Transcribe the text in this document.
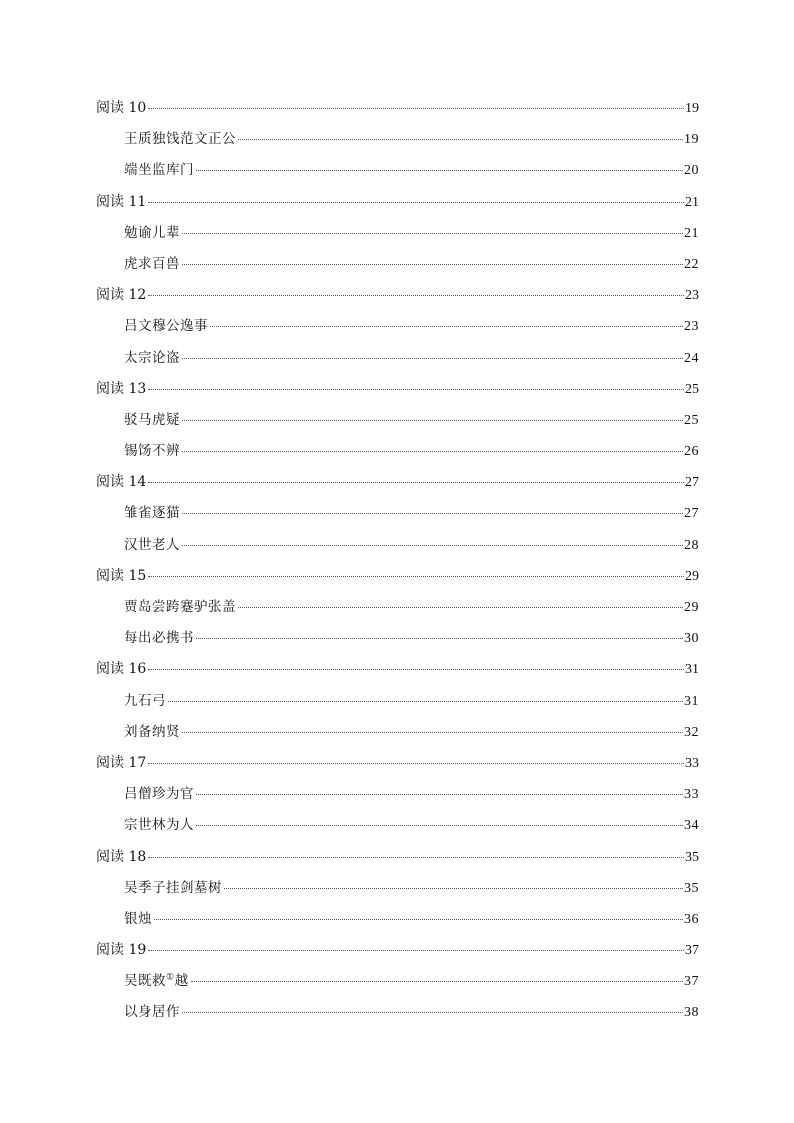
阅读 10	19
王质独饯范文正公	19
端坐监库门	20
阅读 11	21
勉谕儿辈	21
虎求百兽	22
阅读 12	23
吕文穆公逸事	23
太宗论盗	24
阅读 13	25
驳马虎疑	25
锡饧不辨	26
阅读 14	27
雏雀逐猫	27
汉世老人	28
阅读 15	29
贾岛尝跨蹇驴张盖	29
每出必携书	30
阅读 16	31
九石弓	31
刘备纳贤	32
阅读 17	33
吕僧珍为官	33
宗世林为人	34
阅读 18	35
吴季子挂剑墓树	35
银烛	36
阅读 19	37
吴既救①越	37
以身居作	38
